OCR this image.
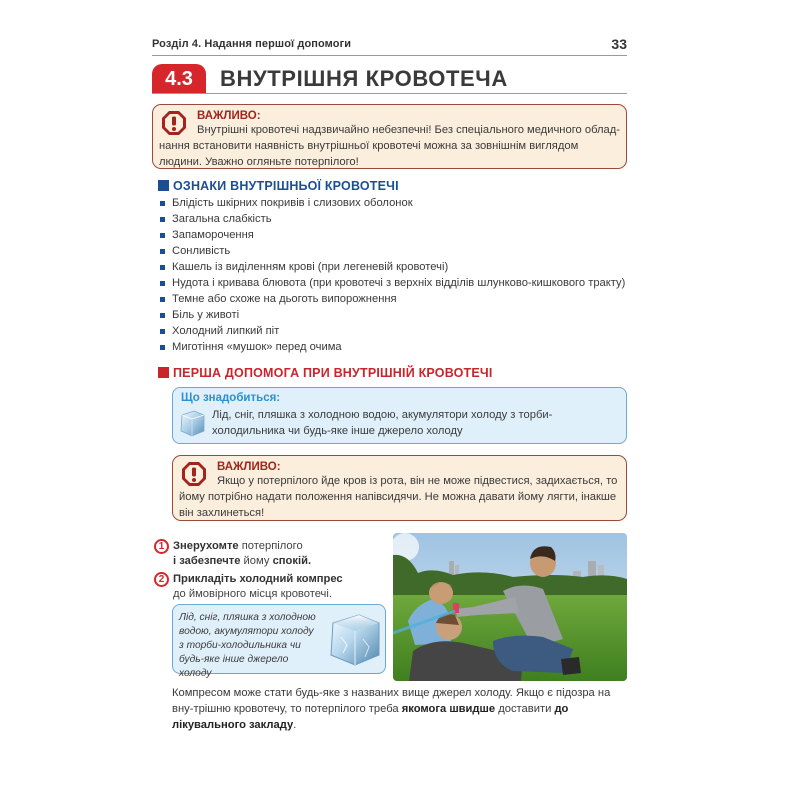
Розділ 4. Надання першої допомоги	33
4.3	ВНУТРІШНЯ КРОВОТЕЧА
ВАЖЛИВО:
Внутрішні кровотечі надзвичайно небезпечні! Без спеціального медичного облад-нання встановити наявність внутрішньої кровотечі можна за зовнішнім виглядом людини. Уважно огляньте потерпілого!
ОЗНАКИ ВНУТРІШНЬОЇ КРОВОТЕЧІ
Блідість шкірних покривів і слизових оболонок
Загальна слабкість
Запаморочення
Сонливість
Кашель із виділенням крові (при легеневій кровотечі)
Нудота і кривава блювота (при кровотечі з верхніх відділів шлунково-кишкового тракту)
Темне або схоже на дьоготь випорожнення
Біль у животі
Холодний липкий піт
Миготіння «мушок» перед очима
ПЕРША ДОПОМОГА ПРИ ВНУТРІШНІЙ КРОВОТЕЧІ
Що знадобиться:
Лід, сніг, пляшка з холодною водою, акумулятори холоду з торби-холодильника чи будь-яке інше джерело холоду
ВАЖЛИВО:
Якщо у потерпілого йде кров із рота, він не може підвестися, задихається, то йому потрібно надати положення напівсидячи. Не можна давати йому лягти, інакше він захлинеться!
1 Знерухомте потерпілого
і забезпечте йому спокій.
2 Прикладіть холодний компрес
до ймовірного місця кровотечі.
Лід, сніг, пляшка з холодною водою, акумулятори холоду з торби-холодильника чи будь-яке інше джерело холоду
Компресом може стати будь-яке з названих вище джерел холоду. Якщо є підозра на вну-трішню кровотечу, то потерпілого треба якомога швидше доставити до лікувального закладу.
